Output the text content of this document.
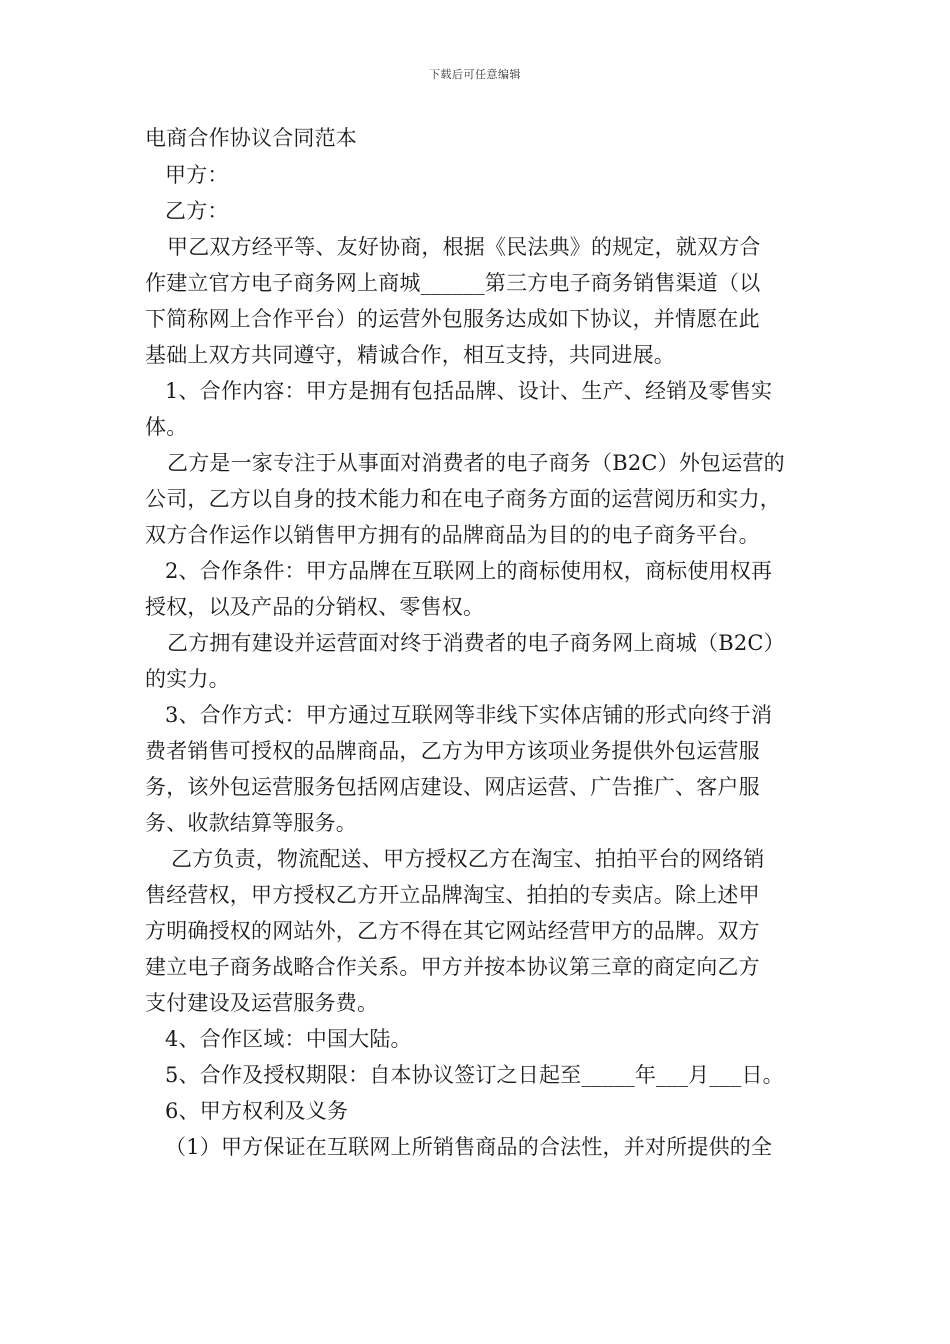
下载后可任意编辑
电商合作协议合同范本
甲方：
乙方：
甲乙双方经平等、友好协商，根据《民法典》的规定，就双方合
作建立官方电子商务网上商城______第三方电子商务销售渠道（以
下简称网上合作平台）的运营外包服务达成如下协议，并情愿在此
基础上双方共同遵守，精诚合作，相互支持，共同进展。
1、合作内容：甲方是拥有包括品牌、设计、生产、经销及零售实
体。
乙方是一家专注于从事面对消费者的电子商务（B2C）外包运营的
公司，乙方以自身的技术能力和在电子商务方面的运营阅历和实力，
双方合作运作以销售甲方拥有的品牌商品为目的的电子商务平台。
2、合作条件：甲方品牌在互联网上的商标使用权，商标使用权再
授权，以及产品的分销权、零售权。
乙方拥有建设并运营面对终于消费者的电子商务网上商城（B2C）
的实力。
3、合作方式：甲方通过互联网等非线下实体店铺的形式向终于消
费者销售可授权的品牌商品，乙方为甲方该项业务提供外包运营服
务，该外包运营服务包括网店建设、网店运营、广告推广、客户服
务、收款结算等服务。
乙方负责，物流配送、甲方授权乙方在淘宝、拍拍平台的网络销
售经营权，甲方授权乙方开立品牌淘宝、拍拍的专卖店。除上述甲
方明确授权的网站外，乙方不得在其它网站经营甲方的品牌。双方
建立电子商务战略合作关系。甲方并按本协议第三章的商定向乙方
支付建设及运营服务费。
4、合作区域：中国大陆。
5、合作及授权期限：自本协议签订之日起至_____年___月___日。
6、甲方权利及义务
（1）甲方保证在互联网上所销售商品的合法性，并对所提供的全
